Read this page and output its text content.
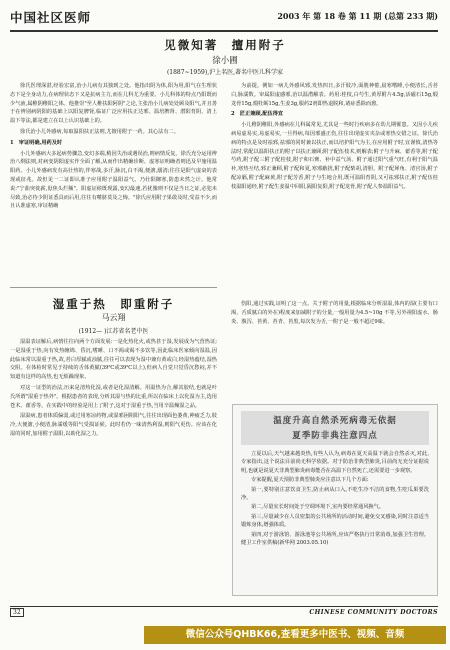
中国社区医师	2003 年 第 18 卷 第 11 期 (总第 233 期)
见微知著　擅用附子
徐小圃
(1887~1959),沪上名医,著名中医儿科学家

徐氏医理深湛,经验宏富,治小儿病有其独到之处。他指出阴为体,阳为用,阳气在生理状态下是全身动力,在病理状态下又是抗病主力,而在儿科尤为重要。小儿科体的特点乃阳既而少气液,属稚阴稚阳之体。他推崇"至人稚扶阳阿阴"之论,主张治小儿病处处顾及阳气,并且善于在辨别病阴阳的基础上以阳复脾肾,临证广泛应用扶正达邪、温培脾肾、潜阳育阴、清上温下等法,都是建立在以上认识基础上的。

徐氏治小儿外感病,每取温阳扶正法则,尤擅用附子一药。其心法有二。

1　审证明确,用药及时

小儿外感病大多起病势骤急,变幻多端,稍因失治或遇误治,则病情反复。徐氏充分运用辨治八纲法则,对病变阴阳虚实作全面了解,从而作出精确诊断。虚寒证明确者则迅及早施用温阳药。小儿外感病发有高壮热的,伴寒战,多汗,脉沉,白不渴,便溏,溺清;往往是阳气虚衰的表现或征兆。故但见一二证即认准子应用附子温阳益气。乃壮阳御寒,防患未然之计。他常说:"宁曲突徙薪,毋焦头烂额"。阳虚证候既现露,变幻最速,若犹豫则不仅是当日之证,必犯未尽致,治必待少阴证悉具而后用,往往有噬脐莫及之悔。"徐氏应用附子果敢及时,受益不少,而且认准虚寒,审证精确

为前提。例如一病儿外感风邪,发热四日,多汗肢冷,面胱神倦,晨寒嗜睡,小便清长,舌苔白,脉濡数。审属阳虚感邪,治以温潜解表。药用:桂枝,白芍生,黄厚附片4.5g,活磁石15g,煅龙骨15g,煅牡蛎15g,生姜3g,服药2剂即热退脱和,诸症悉除而愈。

2　匠正兼顾,配伍得宜

小儿稚阴稚阳,外感病在儿科属常见,尤其是一些时行疾病多在幼儿期罹患。又因小儿疾病易虚易实,易虚易实,一旦得病,每因邪盛正伤,往往出现虚实夹杂或寒热交错之证。徐氏治病的特点是及时祛邪,祛邪的同时兼以扶正,而以培护阳气为主,在应用附子时,宜谨慎,清热等法时,常配以温阳扶正的附子以扶正兼顾;附子配伍枝术,则解表;附子与升麻、藿香等,附子配芍药,附子配三附子配桂枝,附子和石膏、补中益气汤、附子通过阳气重气旺,有利于阳气温补,寒热互结,邪正兼顾,附子配和夏,寒邪蔽扰,附子配柴胡,清胆。附子配犀角、清宫汤,附子配凉膈,附子配麻黄,附子配芳香,附子与生地合用,既可温阳育阴,又可祛邪扶正,附子配伍桂枝温阳通经,附子配生姜温中回阳,隔阳复阳,附子配龙骨,附子配人参温阳益气。

湿重于热　即重附子
马云翔
(1912— )江苏省名老中医

湿温表证解后,病情往往向两个方面发展:一是化热化火,或热甚于湿,发展成为气营热证;一是湿重于热,向有发热缠绵、昏沉,嗜睡、口不渴或渴不多饮等,因此临床医家倾向湿温,因此临床常以湿重于热,故,苔白厚腻或浊腻,往往可以表现为湿中兼有黄或白,经湿热蕴结,湿热交阻。在体检时常见于持续的舌体黄腻(39℃或39℃以上),但病人自觉只觉昏沉愁闷,并不知道有这样的高热,也无烦躁现象。

对这一证型的治法,历来是清热化湿,或者是化湿清解。用温热为合,解其胶结,也就是叶氏所谓"湿重于热外"。根据患者的表现,分析其湿与热的比重,所以在临床上以化湿为主,选用苍术、藿香等。在实践中的经验是用上了附子,这对于湿重于热,当用辛温燥湿之品。

湿温病,患者体质偏弱,或过用寒凉药物,或湿邪困阻阳气,往往出现面色萎黄,神疲乏力,肢冷,大便溏,小便清,脉濡缓等阳气受损证候。此时若仍一味清热利湿,则阳气更伤。应该在化湿的同时,加用附子温阳,以助化湿之力。

伤阳,通过实践,证明了这一点。关于附子的用量,根据临床分析湿温,体内的湿(主要有口渴、舌质腻白的外在)程度来加减附子的分量,一般用量为4.5~10g 不等,另外视阳虚水、肠炎、腹泻、苔黄、苔青、苔黑,每次发为舌,一附子是一般不超过9味。

温度升高自然杀死病毒无依据
夏季防非典注意四点

立夏以后,天气越来越炎热,有些人认为,病毒在夏天高温下就会自然杀灭,对此,专家指出,这个说法目前尚无科学依据。对于防治非典型肺炎,目前尚无充分证据说明,也就是说夏天非典型肺炎病毒能否在高温下自然死亡,还需要进一步观察。

专家提醒,夏天预防非典型肺炎应注意以下几个方面:

第一,要特别注意饮食卫生,防止病从口入,不吃生冷不洁的食物,生吃瓜果要洗净。

第二,尽量室长时间处于空调环境下,室内要经常通风换气。

第三,尽量减少在人员密集的公共场所的活动时间,避免交叉感染,同时注意适当锻炼身体,增强体质。

第四,对于游泳馆、游泳池等公共场所,应该严格执行日常消毒,加强卫生管理。健卫工作室供稿(新华网 2003.05.10)

32	CHINESE COMMUNITY DOCTORS
微信公众号QHBK66,查看更多中医书、视频、音频
